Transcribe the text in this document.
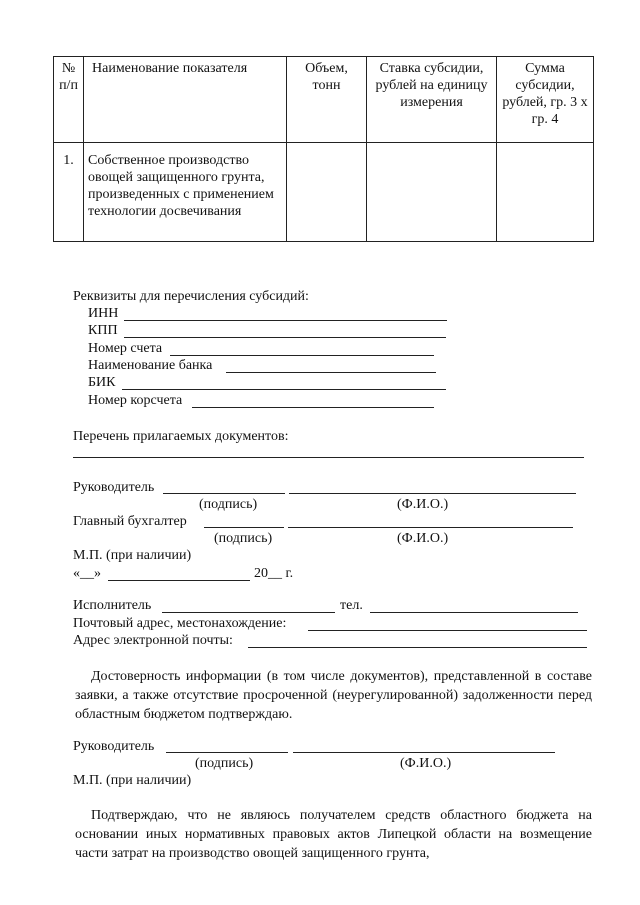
№ п/п	Наименование показателя	Объем, тонн	Ставка субсидии, рублей на единицу измерения	Сумма субсидии, рублей, гр. 3 х гр. 4
1.	Собственное производство овощей защищенного грунта, произведенных с применением технологии досвечивания			
Реквизиты для перечисления субсидий:
ИНН
КПП
Номер счета
Наименование банка
БИК
Номер корсчета
Перечень прилагаемых документов:
Руководитель
(подпись)	(Ф.И.О.)
Главный бухгалтер
(подпись)	(Ф.И.О.)
М.П. (при наличии)
«__»	20__ г.
Исполнитель	тел.
Почтовый адрес, местонахождение:
Адрес электронной почты:
Достоверность информации (в том числе документов), представленной в составе заявки, а также отсутствие просроченной (неурегулированной) задолженности перед областным бюджетом подтверждаю.
Руководитель
(подпись)	(Ф.И.О.)
М.П. (при наличии)
Подтверждаю, что не являюсь получателем средств областного бюджета на основании иных нормативных правовых актов Липецкой области на возмещение части затрат на производство овощей защищенного грунта,
